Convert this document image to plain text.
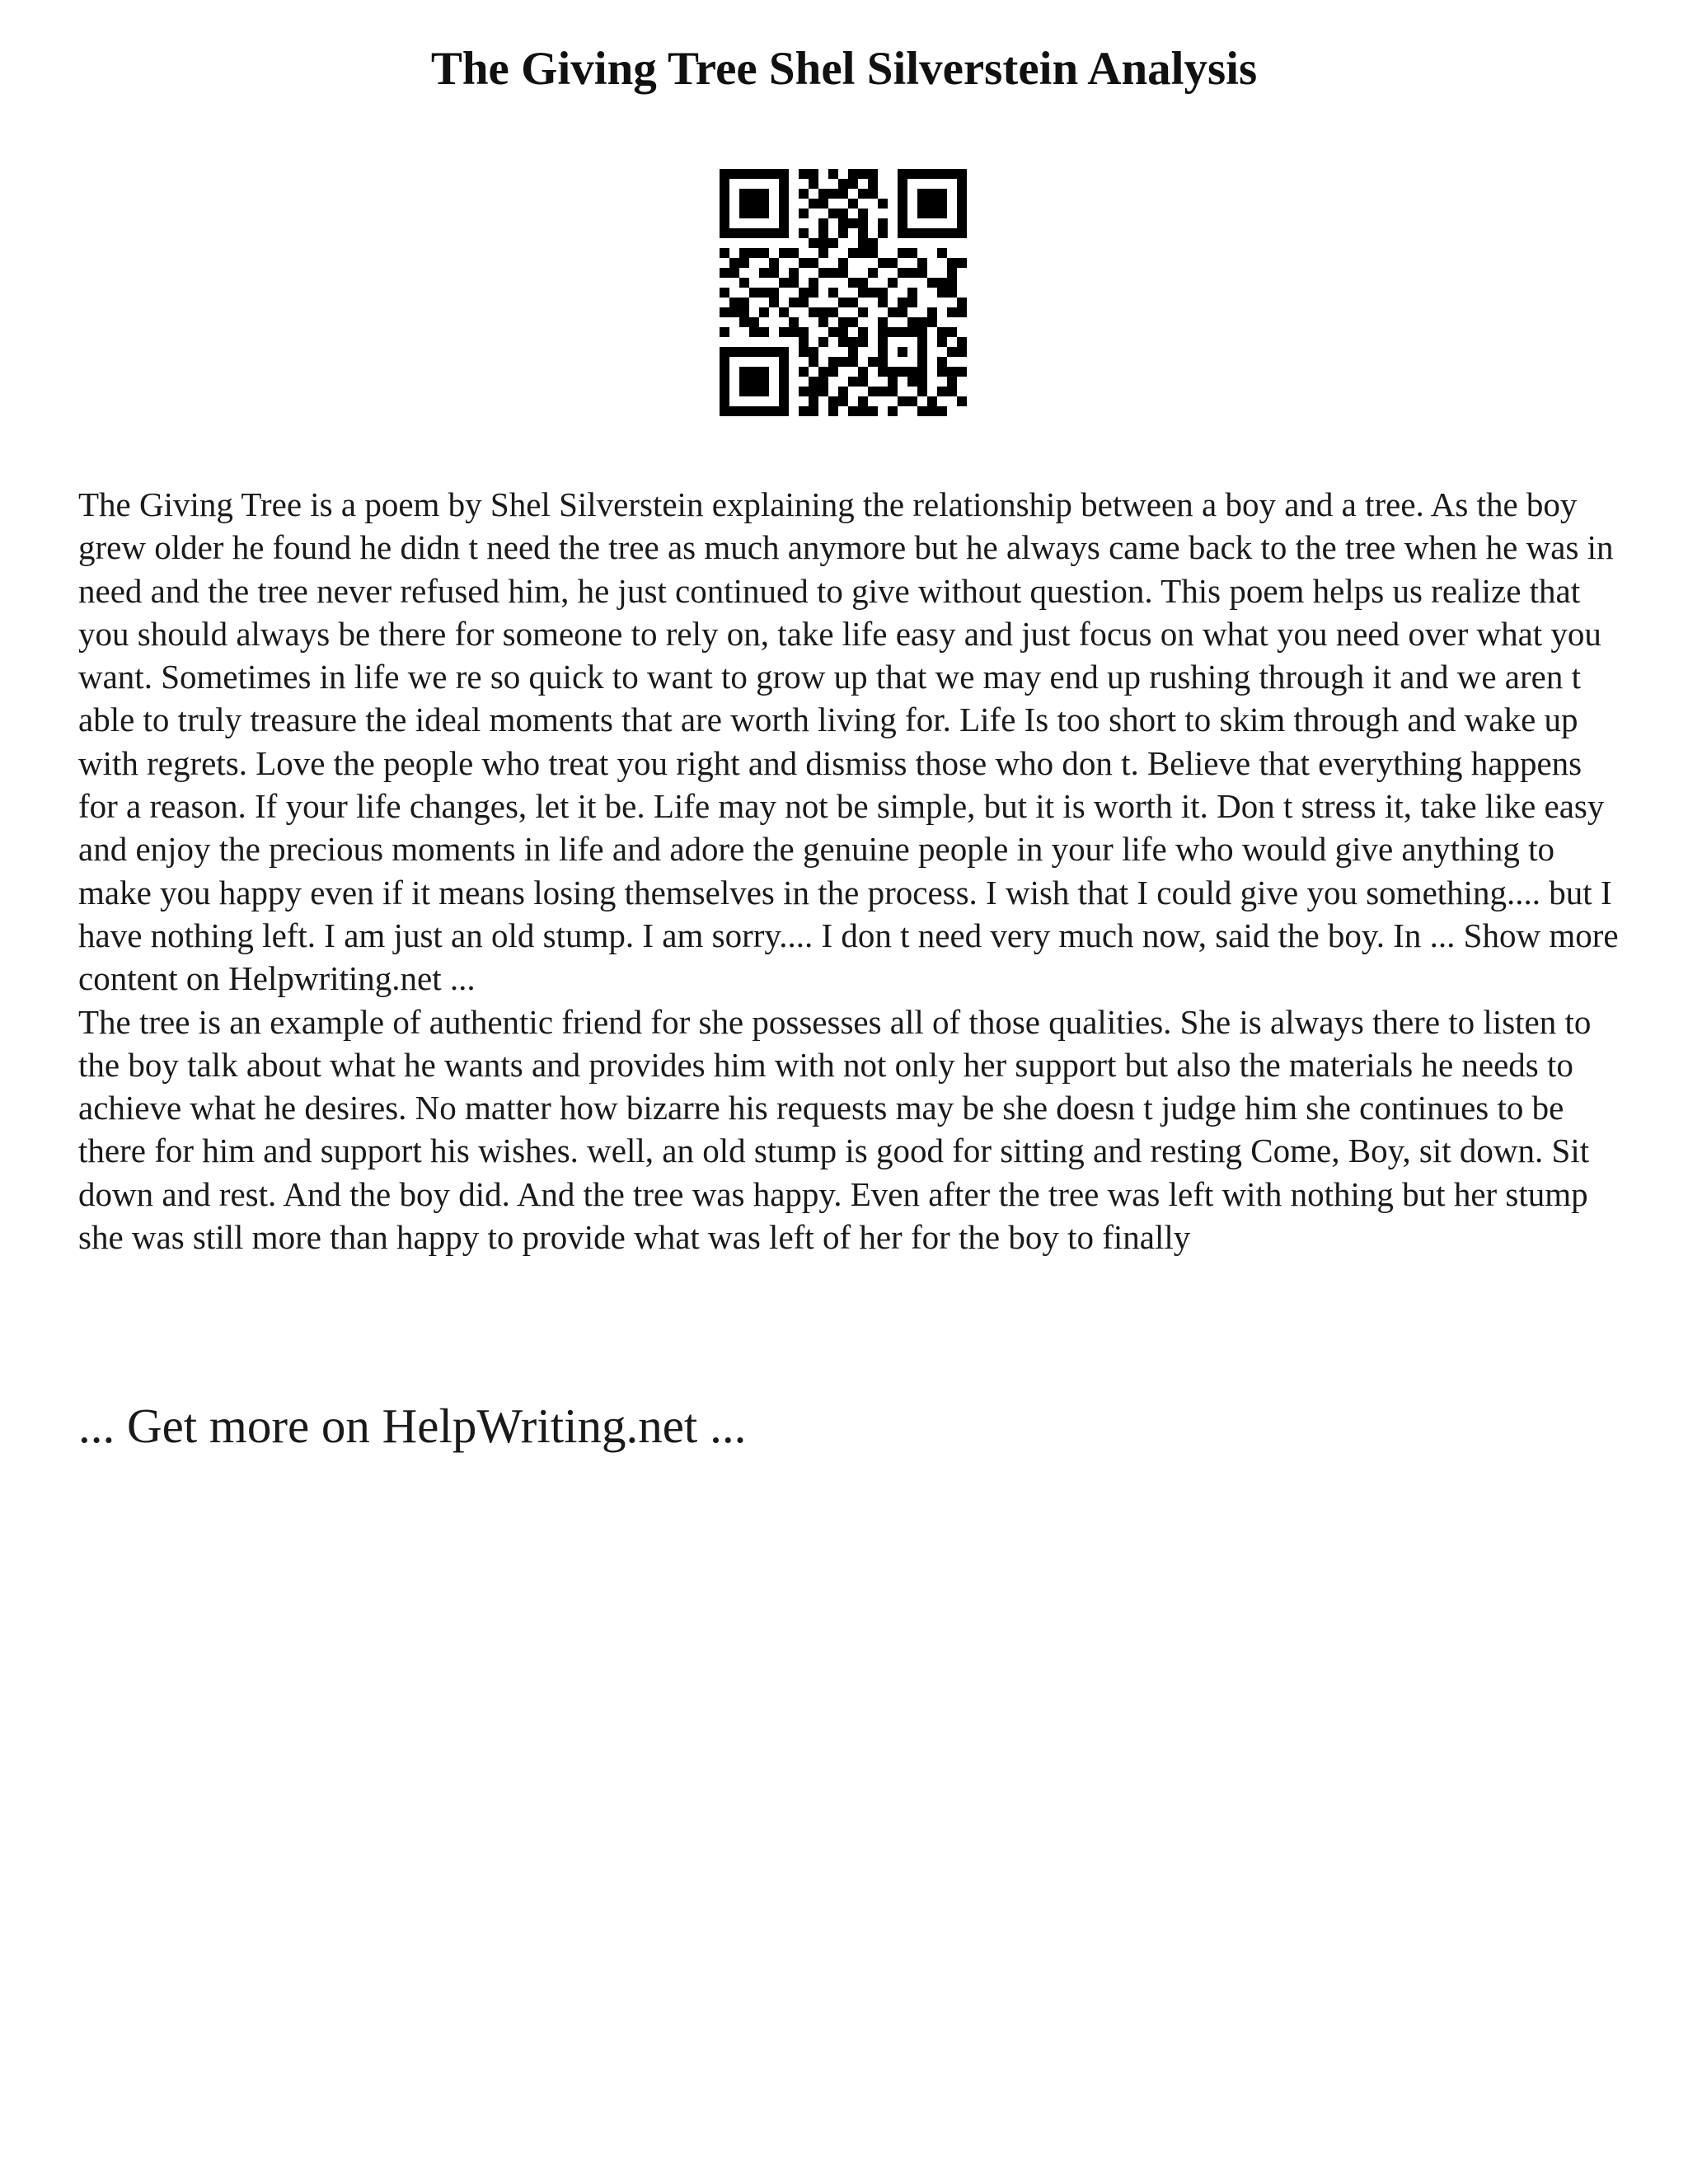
The Giving Tree Shel Silverstein Analysis

The Giving Tree is a poem by Shel Silverstein explaining the relationship between a boy and a tree. As the boy grew older he found he didn t need the tree as much anymore but he always came back to the tree when he was in need and the tree never refused him, he just continued to give without question. This poem helps us realize that you should always be there for someone to rely on, take life easy and just focus on what you need over what you want. Sometimes in life we re so quick to want to grow up that we may end up rushing through it and we aren t able to truly treasure the ideal moments that are worth living for. Life Is too short to skim through and wake up with regrets. Love the people who treat you right and dismiss those who don t. Believe that everything happens for a reason. If your life changes, let it be. Life may not be simple, but it is worth it. Don t stress it, take like easy and enjoy the precious moments in life and adore the genuine people in your life who would give anything to make you happy even if it means losing themselves in the process. I wish that I could give you something.... but I have nothing left. I am just an old stump. I am sorry.... I don t need very much now, said the boy. In ... Show more content on Helpwriting.net ...

The tree is an example of authentic friend for she possesses all of those qualities. She is always there to listen to the boy talk about what he wants and provides him with not only her support but also the materials he needs to achieve what he desires. No matter how bizarre his requests may be she doesn t judge him she continues to be there for him and support his wishes. well, an old stump is good for sitting and resting Come, Boy, sit down. Sit down and rest. And the boy did. And the tree was happy. Even after the tree was left with nothing but her stump she was still more than happy to provide what was left of her for the boy to finally

... Get more on HelpWriting.net ...
